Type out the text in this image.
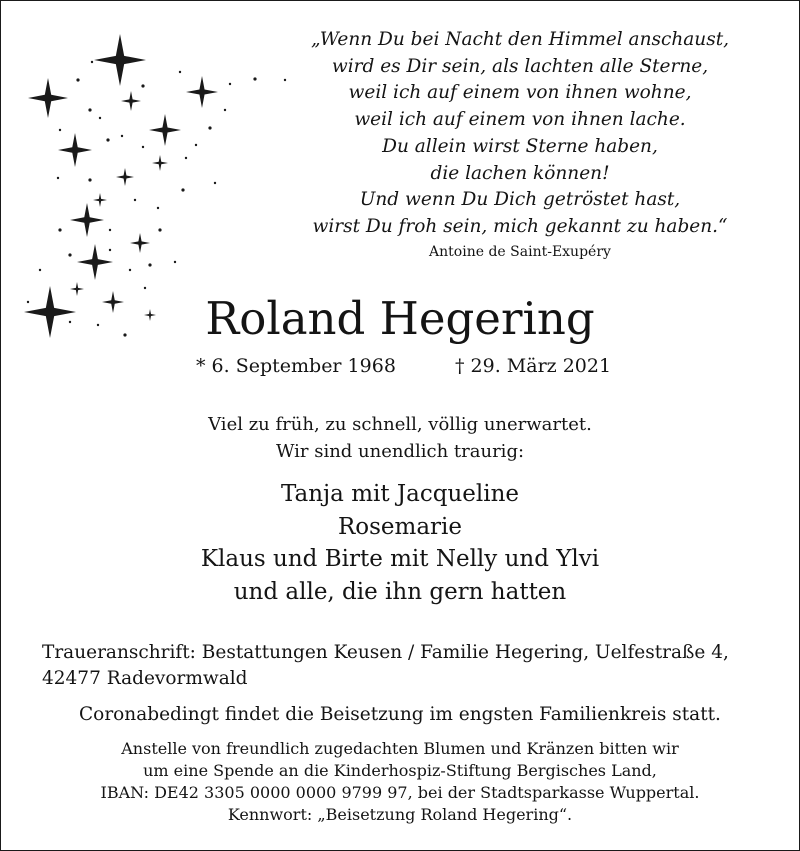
„Wenn Du bei Nacht den Himmel anschaust,
wird es Dir sein, als lachten alle Sterne,
weil ich auf einem von ihnen wohne,
weil ich auf einem von ihnen lache.
Du allein wirst Sterne haben,
die lachen können!
Und wenn Du Dich getröstet hast,
wirst Du froh sein, mich gekannt zu haben.“
Antoine de Saint-Exupéry
Roland Hegering
* 6. September 1968	† 29. März 2021
Viel zu früh, zu schnell, völlig unerwartet.
Wir sind unendlich traurig:
Tanja mit Jacqueline
Rosemarie
Klaus und Birte mit Nelly und Ylvi
und alle, die ihn gern hatten
Traueranschrift: Bestattungen Keusen / Familie Hegering, Uelfestraße 4,
42477 Radevormwald
Coronabedingt findet die Beisetzung im engsten Familienkreis statt.
Anstelle von freundlich zugedachten Blumen und Kränzen bitten wir
um eine Spende an die Kinderhospiz-Stiftung Bergisches Land,
IBAN: DE42 3305 0000 0000 9799 97, bei der Stadtsparkasse Wuppertal.
Kennwort: „Beisetzung Roland Hegering“.
